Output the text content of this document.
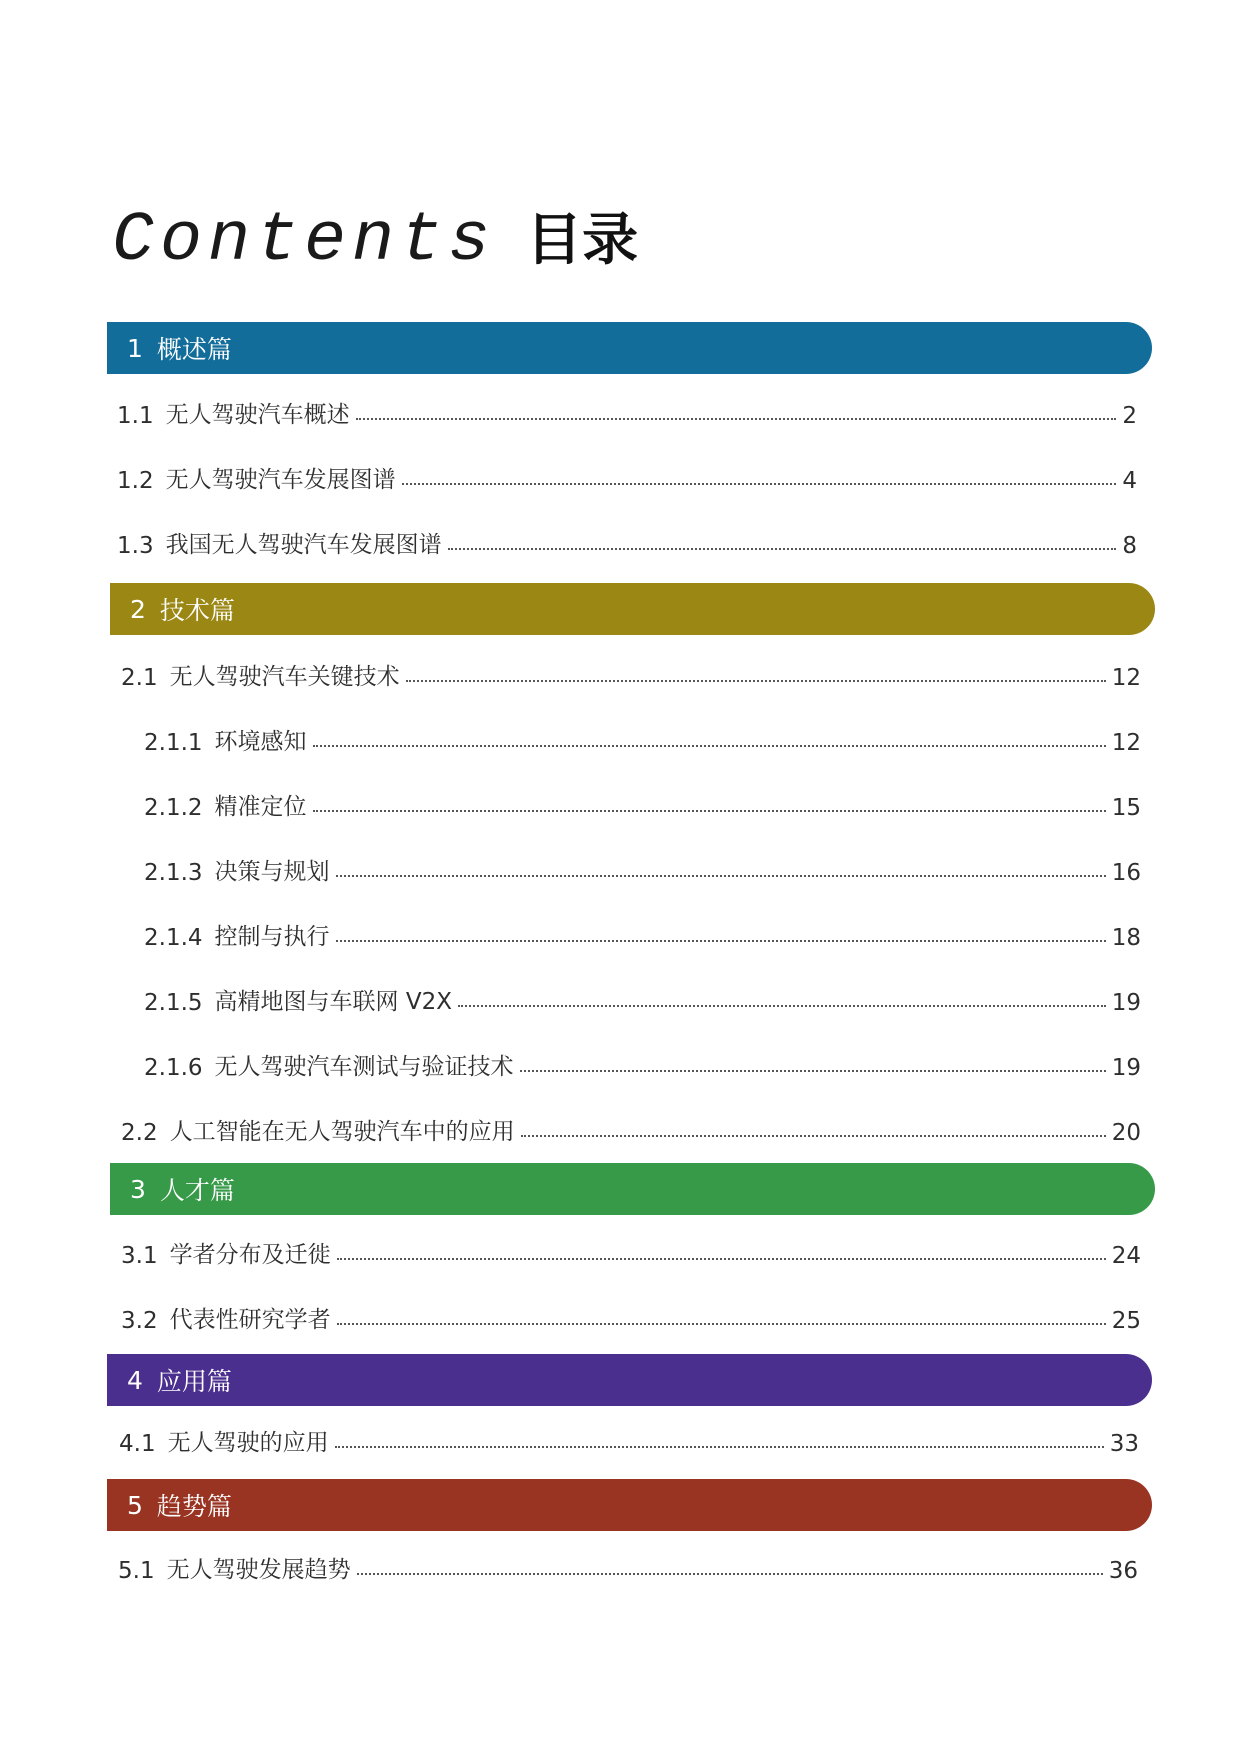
Contents 目录
1 概述篇
1.1 无人驾驶汽车概述	2
1.2 无人驾驶汽车发展图谱	4
1.3 我国无人驾驶汽车发展图谱	8
2 技术篇
2.1 无人驾驶汽车关键技术	12
2.1.1 环境感知	12
2.1.2 精准定位	15
2.1.3 决策与规划	16
2.1.4 控制与执行	18
2.1.5 高精地图与车联网 V2X	19
2.1.6 无人驾驶汽车测试与验证技术	19
2.2 人工智能在无人驾驶汽车中的应用	20
3 人才篇
3.1 学者分布及迁徙	24
3.2 代表性研究学者	25
4 应用篇
4.1 无人驾驶的应用	33
5 趋势篇
5.1 无人驾驶发展趋势	36
